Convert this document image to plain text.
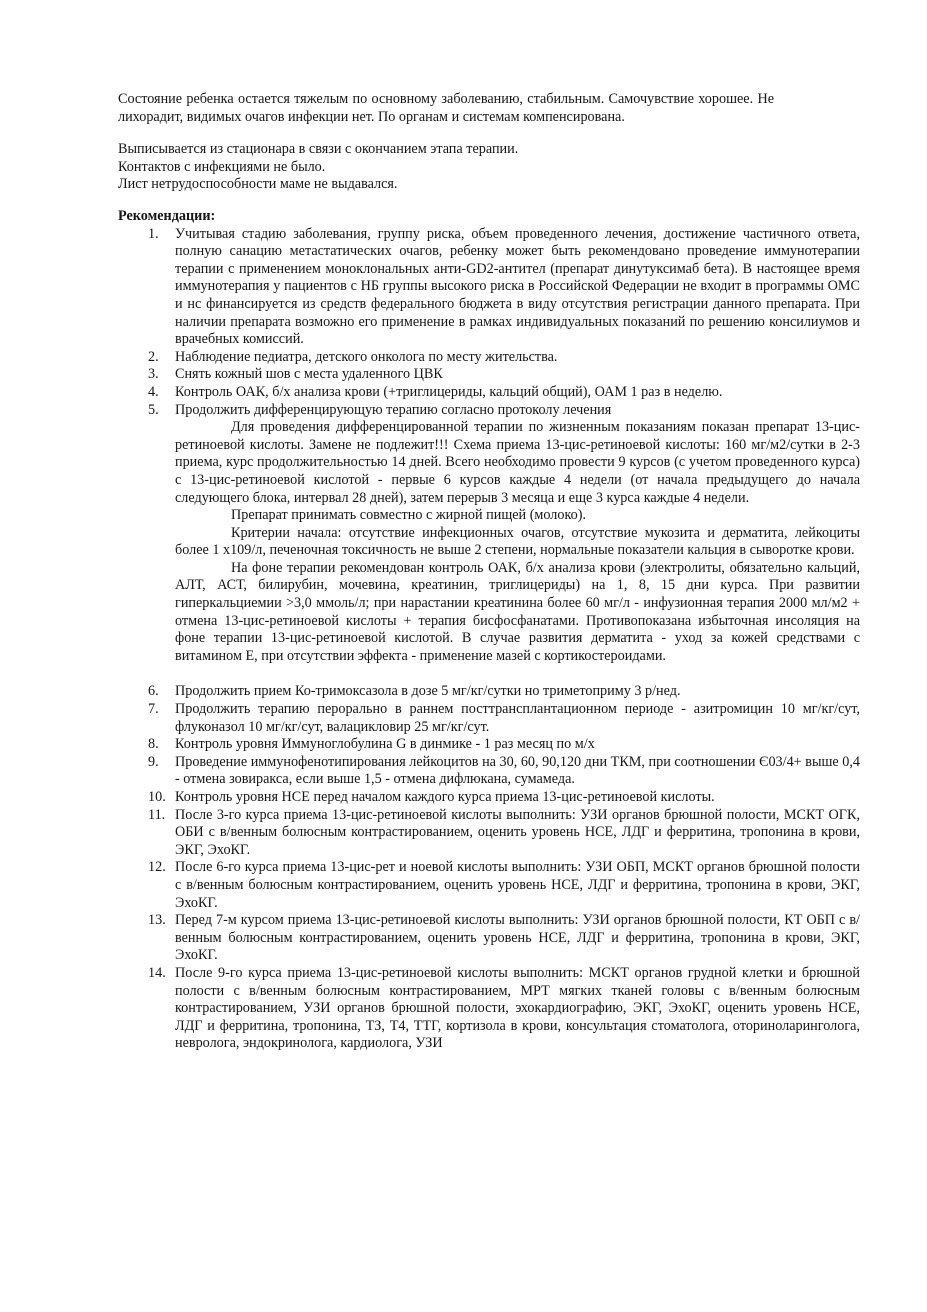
Состояние ребенка остается тяжелым по основному заболеванию, стабильным. Самочувствие хорошее. Не лихорадит, видимых очагов инфекции нет. По органам и системам компенсирована.

Выписывается из стационара в связи с окончанием этапа терапии.

Контактов с инфекциями не было.

Лист нетрудоспособности маме не выдавался.

Рекомендации:

1. Учитывая стадию заболевания, группу риска, объем проведенного лечения, достижение частичного ответа, полную санацию метастатических очагов, ребенку может быть рекомендовано проведение иммунотерапии терапии с применением моноклональных анти-GD2-антител (препарат динутуксимаб бета). В настоящее время иммунотерапия у пациентов с НБ группы высокого риска в Российской Федерации не входит в программы ОМС и нс финансируется из средств федерального бюджета в виду отсутствия регистрации данного препарата. При наличии препарата возможно его применение в рамках индивидуальных показаний по решению консилиумов и врачебных комиссий.
2. Наблюдение педиатра, детского онколога по месту жительства.
3. Снять кожный шов с места удаленного ЦВК
4. Контроль ОАК, б/х анализа крови (+триглицериды, кальций общий), ОАМ 1 раз в неделю.
5. Продолжить дифференцирующую терапию согласно протоколу лечения

Для проведения дифференцированной терапии по жизненным показаниям показан препарат 13-цис-ретиноевой кислоты. Замене не подлежит!!! Схема приема 13-цис-ретиноевой кислоты: 160 мг/м2/сутки в 2-3 приема, курс продолжительностью 14 дней. Всего необходимо провести 9 курсов (с учетом проведенного курса) с 13-цис-ретиноевой кислотой - первые 6 курсов каждые 4 недели (от начала предыдущего до начала следующего блока, интервал 28 дней), затем перерыв 3 месяца и еще 3 курса каждые 4 недели.

Препарат принимать совместно с жирной пищей (молоко).

Критерии начала: отсутствие инфекционных очагов, отсутствие мукозита и дерматита, лейкоциты более 1 х109/л, печеночная токсичность не выше 2 степени, нормальные показатели кальция в сыворотке крови.

На фоне терапии рекомендован контроль ОАК, б/х анализа крови (электролиты, обязательно кальций, АЛТ, АСТ, билирубин, мочевина, креатинин, триглицериды) на 1, 8, 15 дни курса. При развитии гиперкальциемии >3,0 ммоль/л; при нарастании креатинина более 60 мг/л - инфузионная терапия 2000 мл/м2 + отмена 13-цис-ретиноевой кислоты + терапия бисфосфанатами. Противопоказана избыточная инсоляция на фоне терапии 13-цис-ретиноевой кислотой. В случае развития дерматита - уход за кожей средствами с витамином Е, при отсутствии эффекта - применение мазей с кортикостероидами.

6. Продолжить прием Ко-тримоксазола в дозе 5 мг/кг/сутки но триметоприму 3 р/нед.
7. Продолжить терапию перорально в раннем посттрансплантационном периоде - азитромицин 10 мг/кг/сут, флуконазол 10 мг/кг/сут, валацикловир 25 мг/кг/сут.
8. Контроль уровня Иммуноглобулина G в динмике - 1 раз месяц по м/х
9. Проведение иммунофенотипирования лейкоцитов на 30, 60, 90,120 дни ТКМ, при соотношении Є03/4+ выше 0,4 - отмена зовиракса, если выше 1,5 - отмена дифлюкана, сумамеда.
10. Контроль уровня НСЕ перед началом каждого курса приема 13-цис-ретиноевой кислоты.
11. После 3-го курса приема 13-цис-ретиноевой кислоты выполнить: УЗИ органов брюшной полости, МСКТ ОГК, ОБИ с в/венным болюсным контрастированием, оценить уровень НСЕ, ЛДГ и ферритина, тропонина в крови, ЭКГ, ЭхоКГ.
12. После 6-го курса приема 13-цис-рет и ноевой кислоты выполнить: УЗИ ОБП, МСКТ органов брюшной полости с в/венным болюсным контрастированием, оценить уровень НСЕ, ЛДГ и ферритина, тропонина в крови, ЭКГ, ЭхоКГ.
13. Перед 7-м курсом приема 13-цис-ретиноевой кислоты выполнить: УЗИ органов брюшной полости, КТ ОБП с в/венным болюсным контрастированием, оценить уровень НСЕ, ЛДГ и ферритина, тропонина в крови, ЭКГ, ЭхоКГ.
14. После 9-го курса приема 13-цис-ретиноевой кислоты выполнить: МСКТ органов грудной клетки и брюшной полости с в/венным болюсным контрастированием, МРТ мягких тканей головы с в/венным болюсным контрастированием, УЗИ органов брюшной полости, эхокардиографию, ЭКГ, ЭхоКГ, оценить уровень НСЕ, ЛДГ и ферритина, тропонина, ТЗ, Т4, ТТГ, кортизола в крови, консультация стоматолога, оториноларинголога, невролога, эндокринолога, кардиолога, УЗИ
